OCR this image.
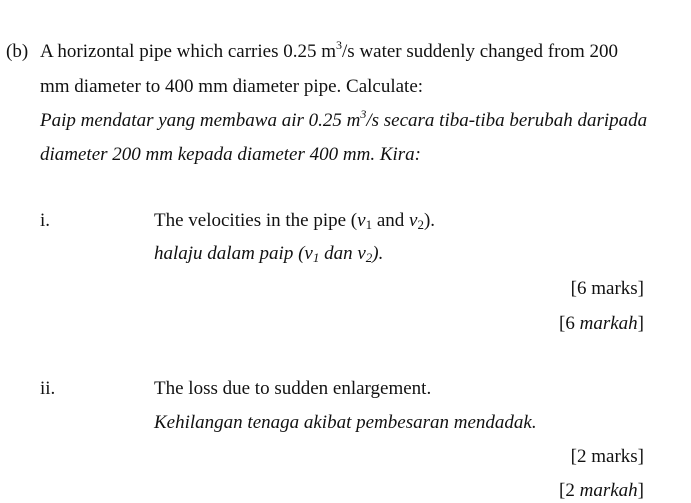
(b) A horizontal pipe which carries 0.25 $m^3/s$ water suddenly changed from 200
mm diameter to 400 mm diameter pipe. Calculate:
Paip mendatar yang membawa air 0.25 $m^3/s$ secara tiba-tiba berubah daripada
diameter 200 mm kepada diameter 400 mm. Kira:
i.	The velocities in the pipe ($v_1$ and $v_2$).
halaju dalam paip ($v_1$ dan $v_2$).
[6 marks]
[6 markah]
ii.	The loss due to sudden enlargement.
Kehilangan tenaga akibat pembesaran mendadak.
[2 marks]
[2 markah]
